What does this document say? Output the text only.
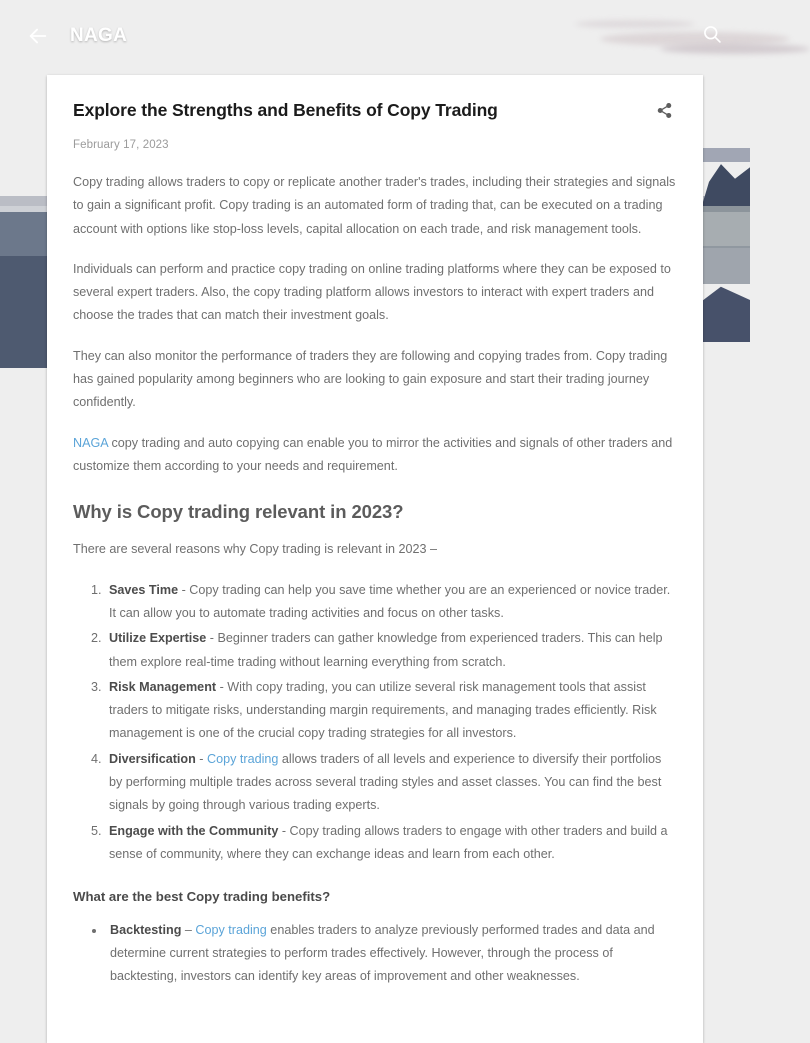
NAGA
Explore the Strengths and Benefits of Copy Trading
February 17, 2023

Copy trading allows traders to copy or replicate another trader's trades, including their strategies and signals to gain a significant profit. Copy trading is an automated form of trading that, can be executed on a trading account with options like stop-loss levels, capital allocation on each trade, and risk management tools.

Individuals can perform and practice copy trading on online trading platforms where they can be exposed to several expert traders. Also, the copy trading platform allows investors to interact with expert traders and choose the trades that can match their investment goals.

They can also monitor the performance of traders they are following and copying trades from. Copy trading has gained popularity among beginners who are looking to gain exposure and start their trading journey confidently.

NAGA copy trading and auto copying can enable you to mirror the activities and signals of other traders and customize them according to your needs and requirement.

Why is Copy trading relevant in 2023?

There are several reasons why Copy trading is relevant in 2023 –

1. Saves Time - Copy trading can help you save time whether you are an experienced or novice trader. It can allow you to automate trading activities and focus on other tasks.
2. Utilize Expertise - Beginner traders can gather knowledge from experienced traders. This can help them explore real-time trading without learning everything from scratch.
3. Risk Management - With copy trading, you can utilize several risk management tools that assist traders to mitigate risks, understanding margin requirements, and managing trades efficiently. Risk management is one of the crucial copy trading strategies for all investors.
4. Diversification - Copy trading allows traders of all levels and experience to diversify their portfolios by performing multiple trades across several trading styles and asset classes. You can find the best signals by going through various trading experts.
5. Engage with the Community - Copy trading allows traders to engage with other traders and build a sense of community, where they can exchange ideas and learn from each other.
What are the best Copy trading benefits?
• Backtesting – Copy trading enables traders to analyze previously performed trades and data and determine current strategies to perform trades effectively. However, through the process of backtesting, investors can identify key areas of improvement and other weaknesses.
